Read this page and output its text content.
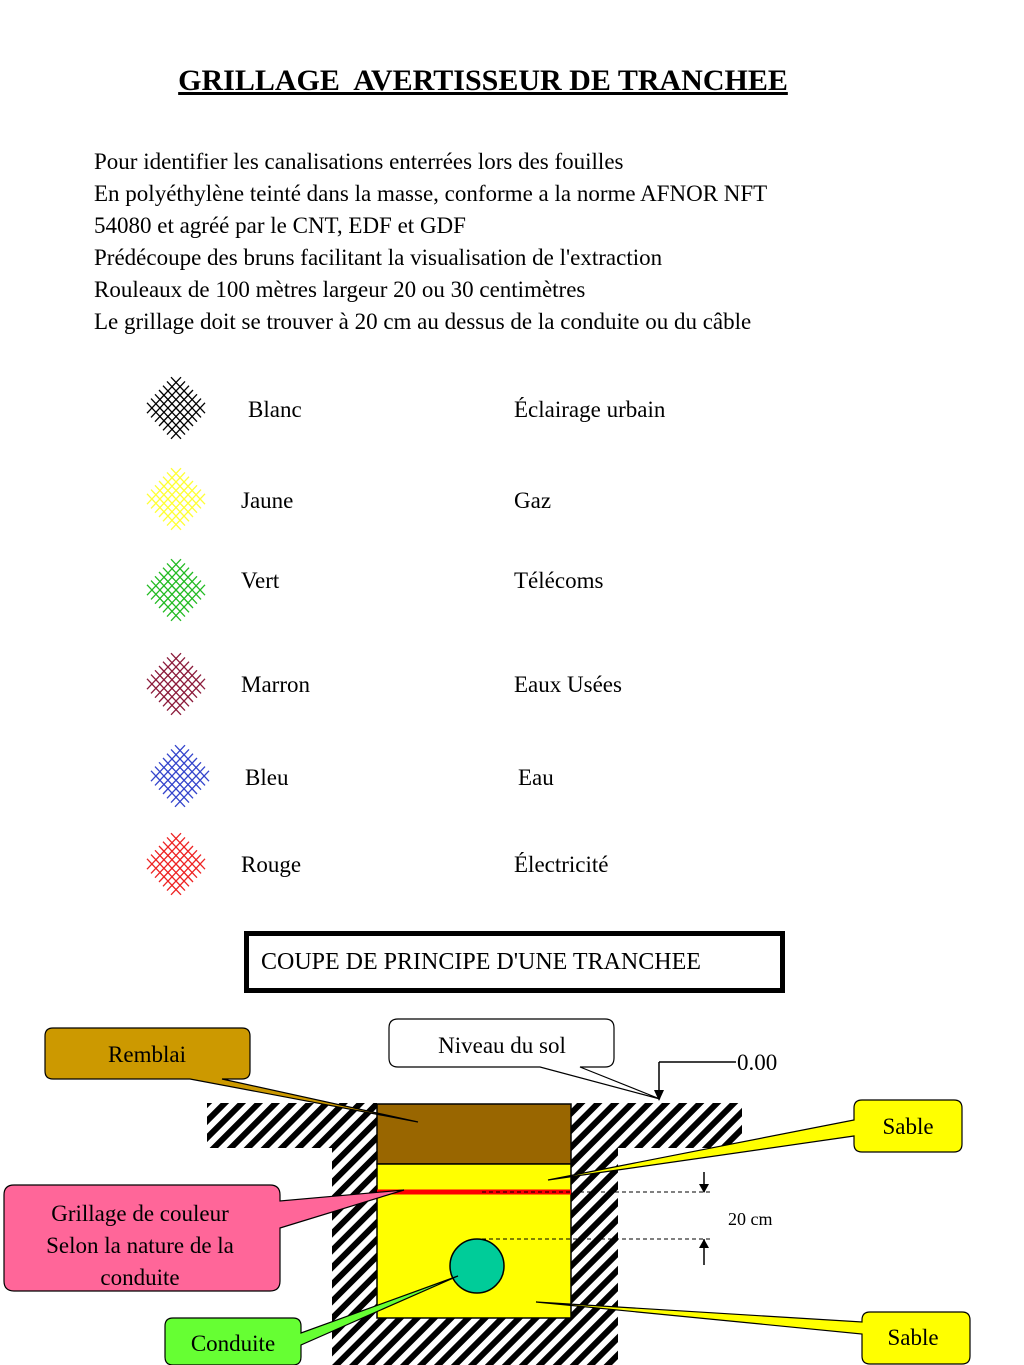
GRILLAGE  AVERTISSEUR DE TRANCHEE
Pour identifier les canalisations enterrées lors des fouilles
En polyéthylène teinté dans la masse, conforme a la norme AFNOR NFT
54080 et agréé par le CNT, EDF et GDF
Prédécoupe des bruns facilitant la visualisation de l'extraction
Rouleaux de 100 mètres largeur 20 ou 30 centimètres
Le grillage doit se trouver à 20 cm au dessus de la conduite ou du câble
Blanc	Éclairage urbain
Jaune	Gaz
Vert	Télécoms
Marron	Eaux Usées
Bleu	Eau
Rouge	Électricité
COUPE DE PRINCIPE D'UNE TRANCHEE
20 cm
0.00
Niveau du sol
Remblai
Sable
Sable
Grillage de couleur
Selon la nature de la
conduite
Conduite
